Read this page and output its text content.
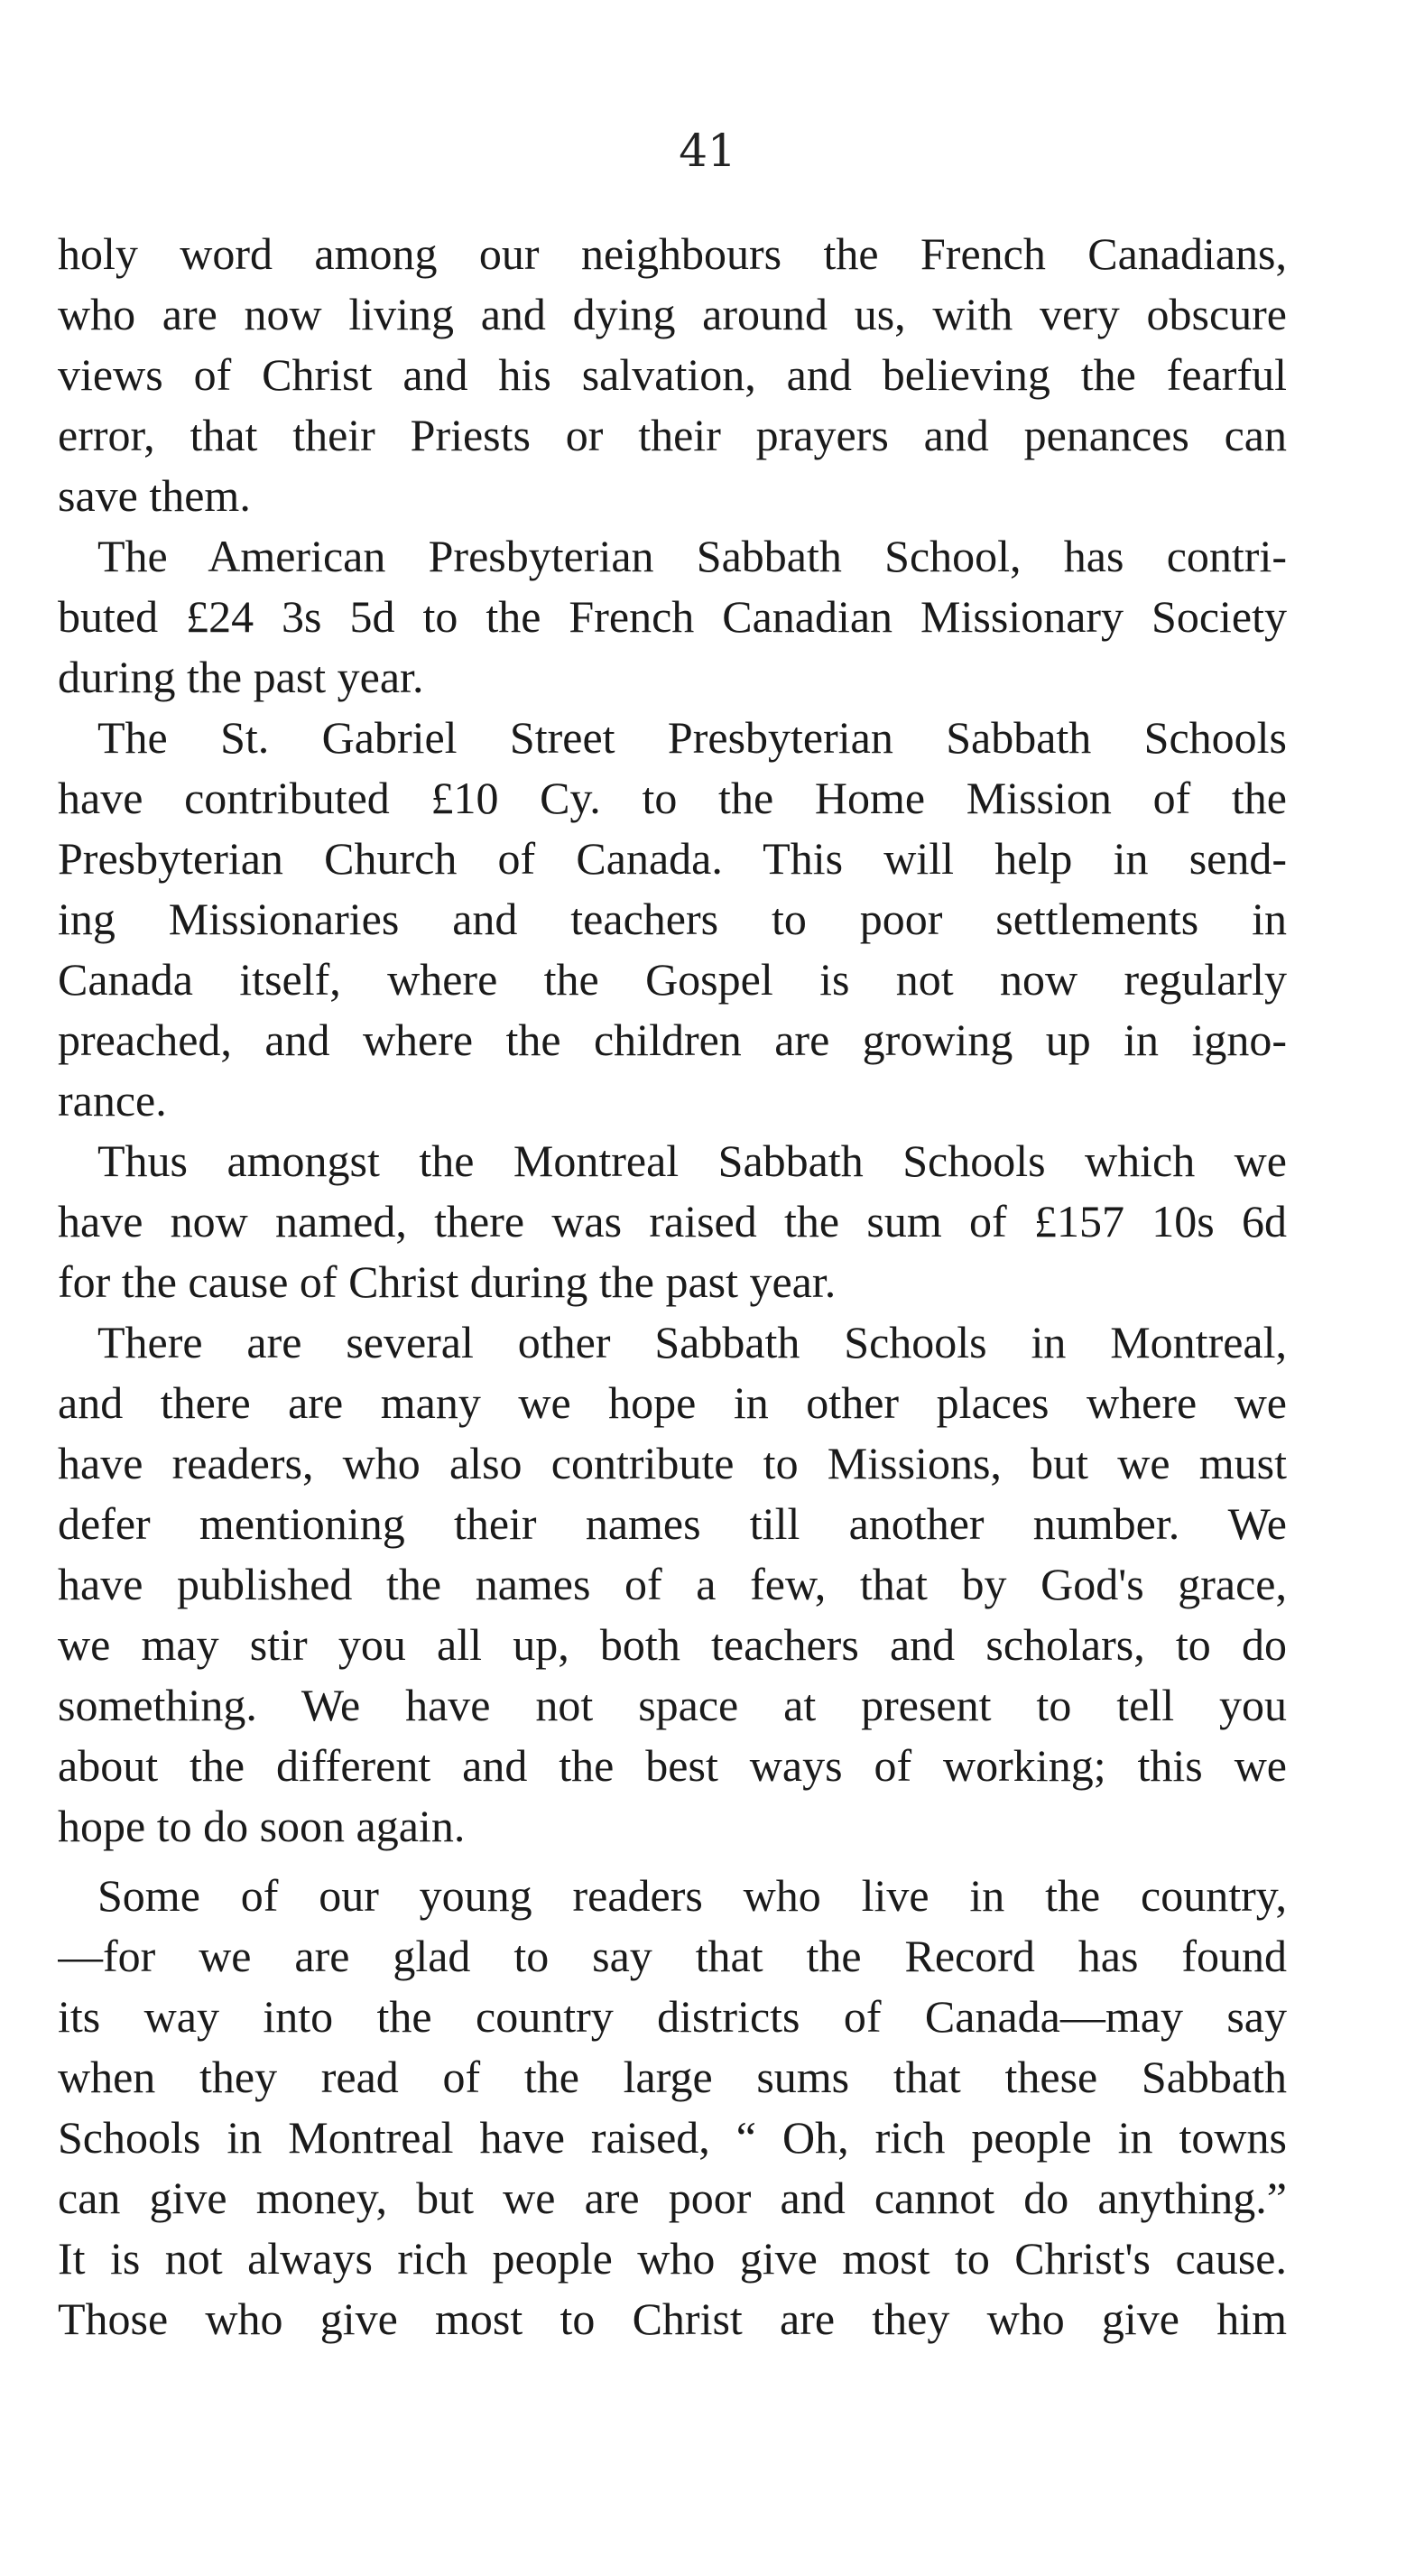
41
holy word among our neighbours the French Canadians,
who are now living and dying around us, with very obscure
views of Christ and his salvation, and believing the fearful
error, that their Priests or their prayers and penances can
save them.
The American Presbyterian Sabbath School, has contri-
buted £24 3s 5d to the French Canadian Missionary Society
during the past year.
The St. Gabriel Street Presbyterian Sabbath Schools
have contributed £10 Cy. to the Home Mission of the
Presbyterian Church of Canada. This will help in send-
ing Missionaries and teachers to poor settlements in
Canada itself, where the Gospel is not now regularly
preached, and where the children are growing up in igno-
rance.
Thus amongst the Montreal Sabbath Schools which we
have now named, there was raised the sum of £157 10s 6d
for the cause of Christ during the past year.
There are several other Sabbath Schools in Montreal,
and there are many we hope in other places where we
have readers, who also contribute to Missions, but we must
defer mentioning their names till another number. We
have published the names of a few, that by God's grace,
we may stir you all up, both teachers and scholars, to do
something. We have not space at present to tell you
about the different and the best ways of working; this we
hope to do soon again.
Some of our young readers who live in the country,
—for we are glad to say that the Record has found
its way into the country districts of Canada—may say
when they read of the large sums that these Sabbath
Schools in Montreal have raised, “ Oh, rich people in towns
can give money, but we are poor and cannot do anything.”
It is not always rich people who give most to Christ's cause.
Those who give most to Christ are they who give him
